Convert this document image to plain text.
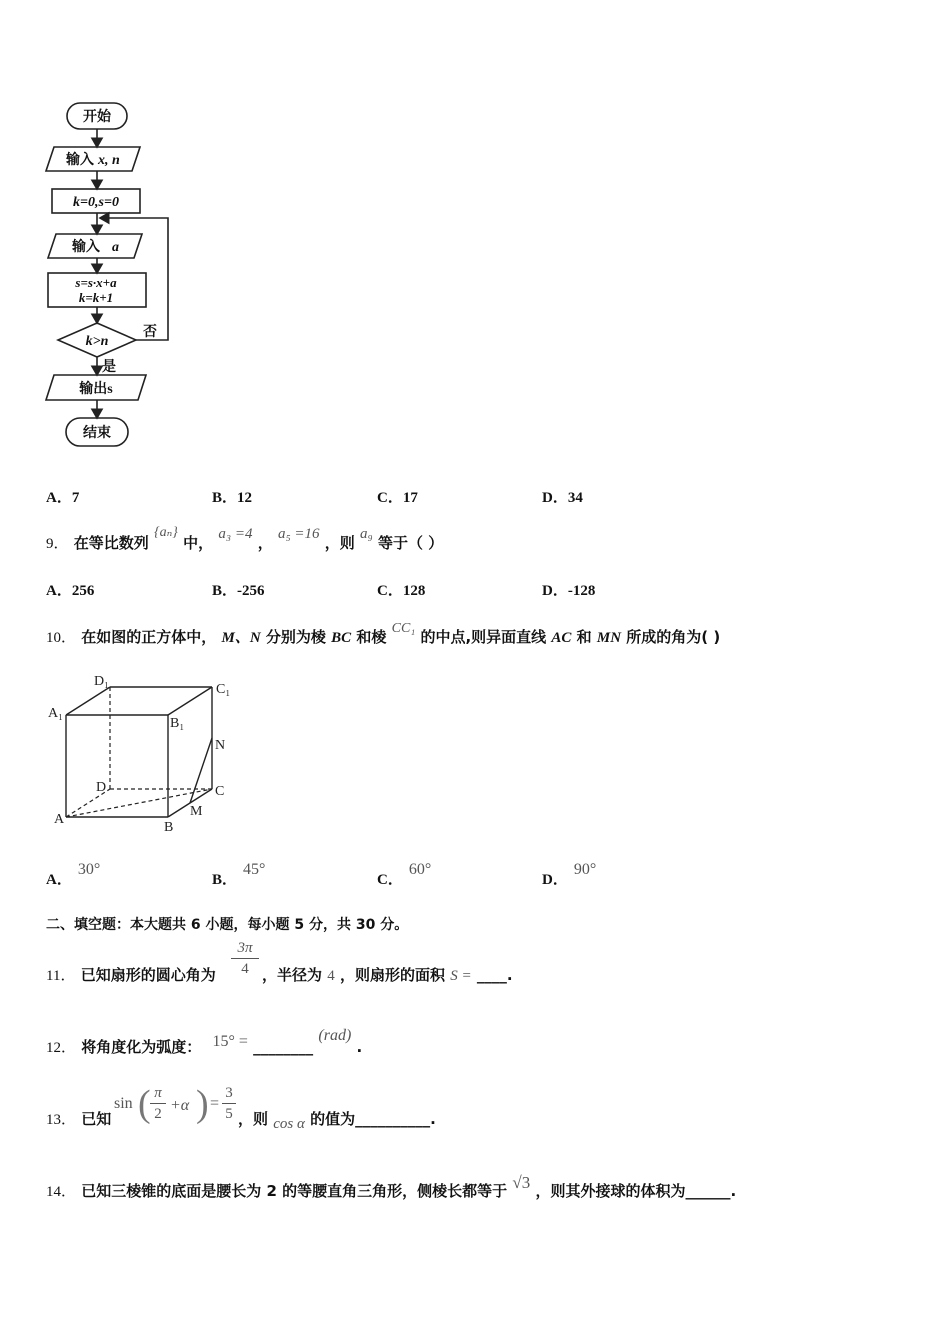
开始
输入 x, n
k=0,s=0
输入 a
s=s·x+a
k=k+1
k>n
否
是
输出s
结束
A．7	B．12	C．17	D．34
9． 在等比数列 {aₙ} 中， a₃ =4 ， a₅ =16 ，则 a₉ 等于（ ）
A．256	B．-256	C．128	D．-128
10． 在如图的正方体中， M、N 分别为棱 BC 和棱 CC₁ 的中点,则异面直线 AC 和 MN 所成的角为( )
D₁
C₁
A₁
B₁
N
D	C
M
A
B
A．30°
B．45°
C．60°
D．90°
二、填空题：本大题共 6 小题，每小题 5 分，共 30 分。
11． 已知扇形的圆心角为 $\frac{3\pi}{4}$ ，半径为 4 ，则扇形的面积 S = ____.
12． 将角度化为弧度： 15° = ________ (rad) .
13． 已知
sin ( $\frac{\pi}{2} +\alpha$ ) = $\frac{3}{5}$ ，则 cos α 的值为__________.
14． 已知三棱锥的底面是腰长为 2 的等腰直角三角形，侧棱长都等于 √3 ，则其外接球的体积为______.
